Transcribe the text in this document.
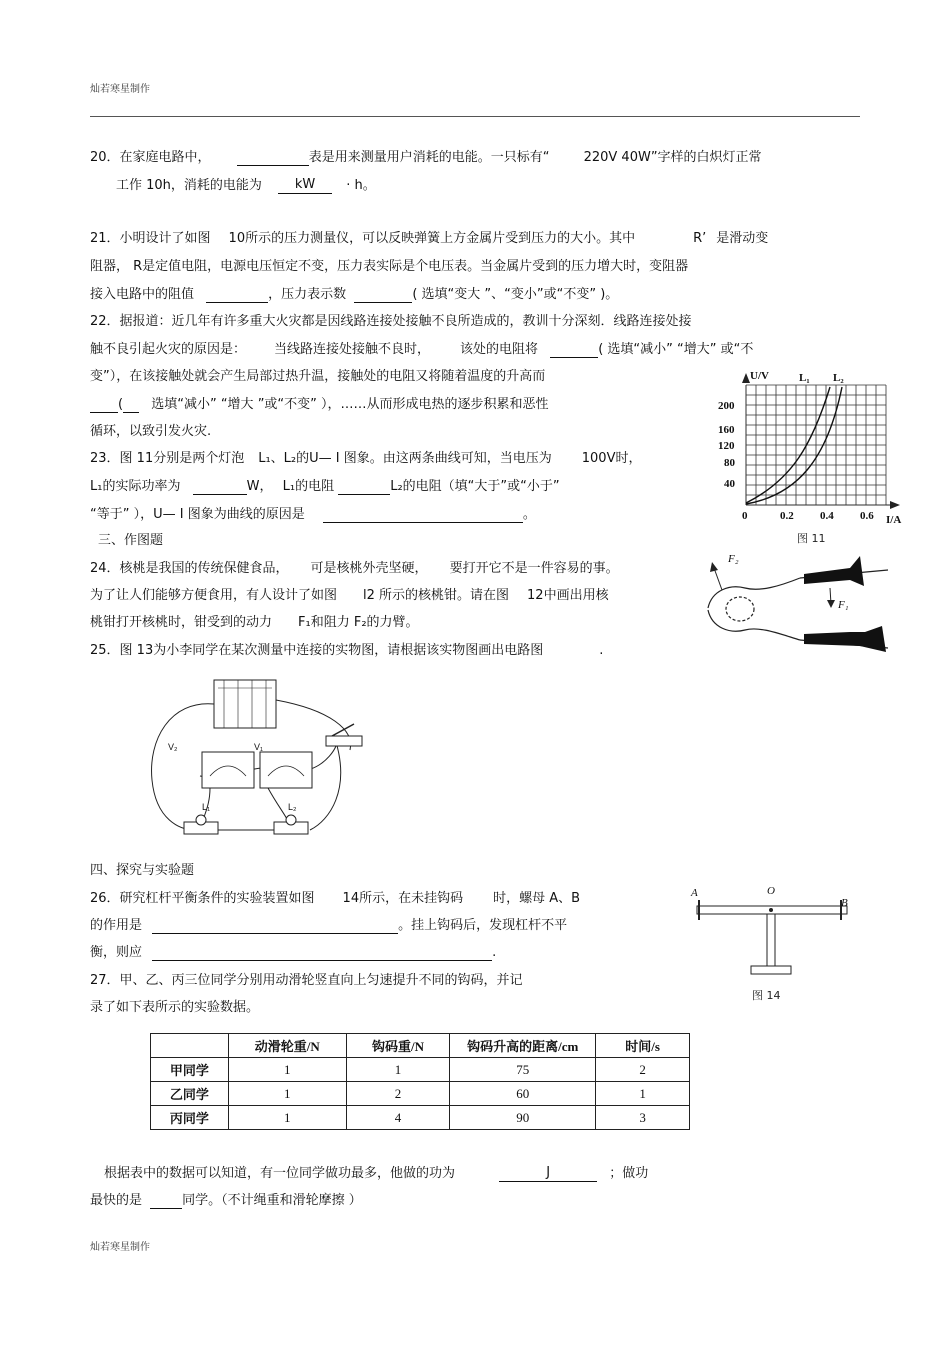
灿若寒星制作
灿若寒星制作
20．在家庭电路中，	表是用来测量用户消耗的电能。一只标有“	220V 40W”字样的白炽灯正常
工作 10h，消耗的电能为	kW · h。
21．小明设计了如图 10所示的压力测量仪，可以反映弹簧上方金属片受到压力的大小。其中	R’ 是滑动变
阻器， R是定值电阻，电源电压恒定不变，压力表实际是个电压表。当金属片受到的压力增大时，变阻器
接入电路中的阻值	，压力表示数	( 选填“变大 ”、“变小”或“不变” )。
22．据报道：近几年有许多重大火灾都是因线路连接处接触不良所造成的，教训十分深刻．线路连接处接
触不良引起火灾的原因是： 当线路连接处接触不良时， 该处的电阻将	( 选填“减小” “增大” 或“不
变”），在该接触处就会产生局部过热升温，接触处的电阻又将随着温度的升高而
( 选填“减小” “增大 ”或“不变” ），……从而形成电热的逐步积累和恶性
循环，以致引发火灾.
23．图 11分别是两个灯泡 L₁、L₂的U— I 图象。由这两条曲线可知，当电压为 100V时，
L₁的实际功率为	W， L₁的电阻	L₂的电阻（填“大于”或“小于”
“等于” ），U— I 图象为曲线的原因是	。
三、作图题
24．核桃是我国的传统保健食品， 可是核桃外壳坚硬， 要打开它不是一件容易的事。
为了让人们能够方便食用，有人设计了如图 l2 所示的核桃钳。请在图 12中画出用核
桃钳打开核桃时，钳受到的动力 F₁和阻力 F₂的力臂。
25．图 13为小李同学在某次测量中连接的实物图，请根据该实物图画出电路图	.
U/V
I/A
L₁ L₂
200
160
120
80
40
0	0.2 0.4 0.6
图 11
F₂
F₁
V₂	V₁
L₁	L₂
四、探究与实验题
26．研究杠杆平衡条件的实验装置如图 14所示，在未挂钩码 时，螺母 A、B
的作用是	。挂上钩码后，发现杠杆不平
衡，则应	.
A	O
B
图 14
27．甲、乙、丙三位同学分别用动滑轮竖直向上匀速提升不同的钩码，并记
录了如下表所示的实验数据。
	动滑轮重/N	钩码重/N	钩码升高的距离/cm	时间/s
甲同学	1	1	75	2
乙同学	1	2	60	1
丙同学	1	4	90	3
根据表中的数据可以知道，有一位同学做功最多，他做的功为	J	；做功
最快的是	同学。（不计绳重和滑轮摩擦 ）
